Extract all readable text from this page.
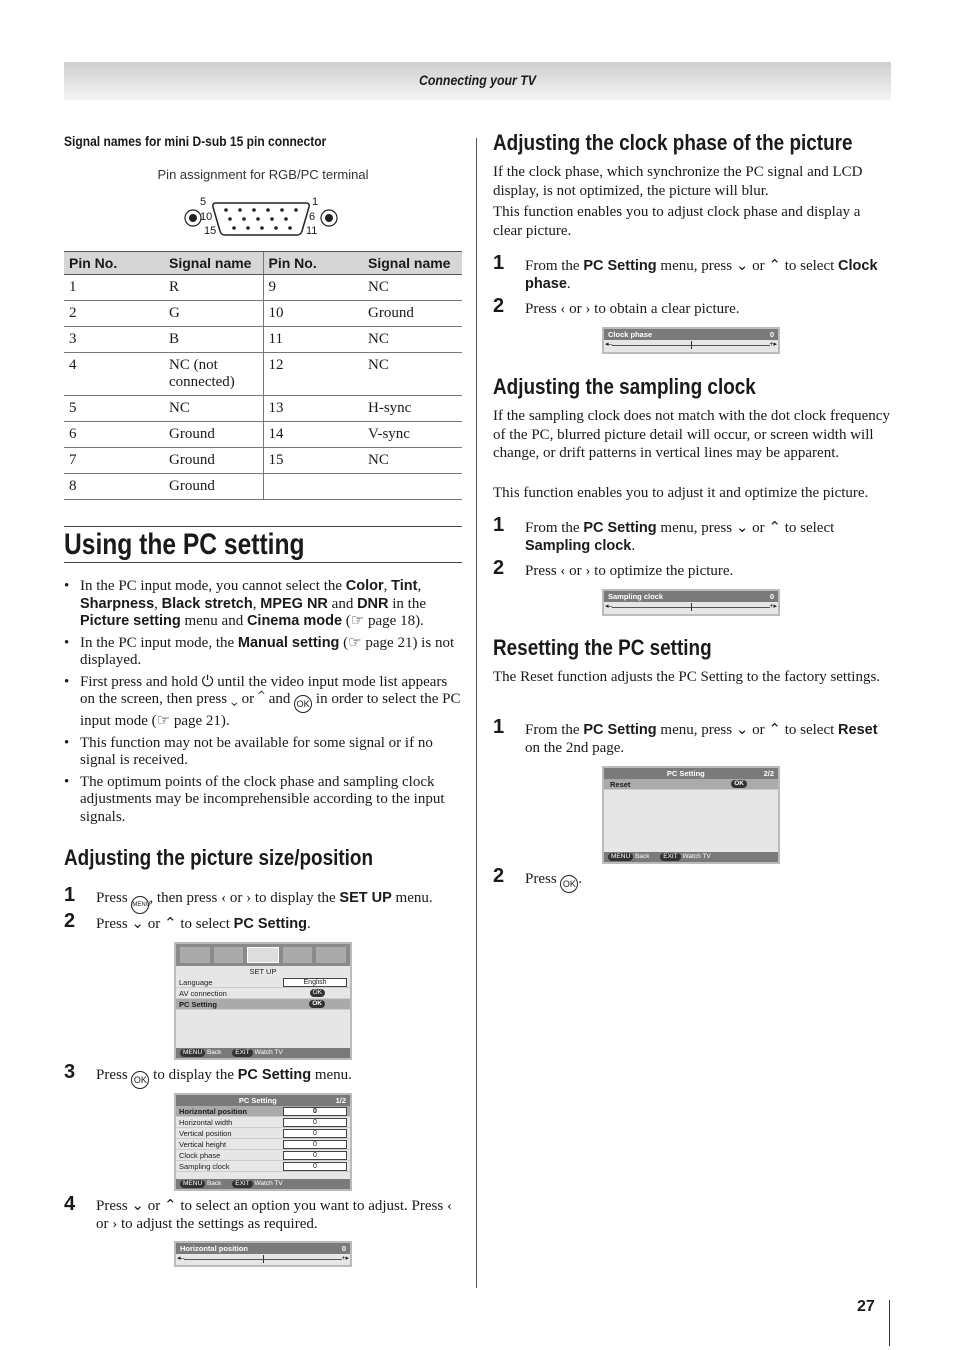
Connecting your TV
Signal names for mini D-sub 15 pin connector
Pin assignment for RGB/PC terminal
5	1
10	6
15	11
Pin No.	Signal name	Pin No.	Signal name
1	R	9	NC
2	G	10	Ground
3	B	11	NC
4	NC (not connected)	12	NC
5	NC	13	H-sync
6	Ground	14	V-sync
7	Ground	15	NC
8	Ground		
Using the PC setting
• In the PC input mode, you cannot select the Color, Tint, Sharpness, Black stretch, MPEG NR and DNR in the Picture setting menu and Cinema mode (☞ page 18).
• In the PC input mode, the Manual setting (☞ page 21) is not displayed.
• First press and hold ⏻ until the video input mode list appears on the screen, then press ⌄ or ⌃ and OK in order to select the PC input mode (☞ page 21).
• This function may not be available for some signal or if no signal is received.
• The optimum points of the clock phase and sampling clock adjustments may be incomprehensible according to the input signals.
Adjusting the picture size/position
1 Press MENU, then press ‹ or › to display the SET UP menu.
2 Press ⌄ or ⌃ to select PC Setting.
SET UP
Language	English
AV connection	OK
PC Setting	OK
MENU Back EXIT Watch TV
3 Press OK to display the PC Setting menu.
PC Setting	1/2
Horizontal position	0
Horizontal width	0
Vertical position	0
Vertical height	0
Clock phase	0
Sampling clock	0
MENU Back EXIT Watch TV
4 Press ⌄ or ⌃ to select an option you want to adjust. Press ‹ or › to adjust the settings as required.
Horizontal position	0
◂–	+▸
Adjusting the clock phase of the picture

If the clock phase, which synchronize the PC signal and LCD display, is not optimized, the picture will blur.

This function enables you to adjust clock phase and display a clear picture.

1 From the PC Setting menu, press ⌄ or ⌃ to select Clock phase.
2 Press ‹ or › to obtain a clear picture.
Clock phase	0
◂–	+▸
Adjusting the sampling clock

If the sampling clock does not match with the dot clock frequency of the PC, blurred picture detail will occur, or screen width will change, or drift patterns in vertical lines may be apparent.

This function enables you to adjust it and optimize the picture.

1 From the PC Setting menu, press ⌄ or ⌃ to select Sampling clock.
2 Press ‹ or › to optimize the picture.
Sampling clock	0
◂–	+▸
Resetting the PC setting

The Reset function adjusts the PC Setting to the factory settings.

1 From the PC Setting menu, press ⌄ or ⌃ to select Reset on the 2nd page.
PC Setting	2/2
Reset	OK
MENU Back EXIT Watch TV
2 Press OK .
27
